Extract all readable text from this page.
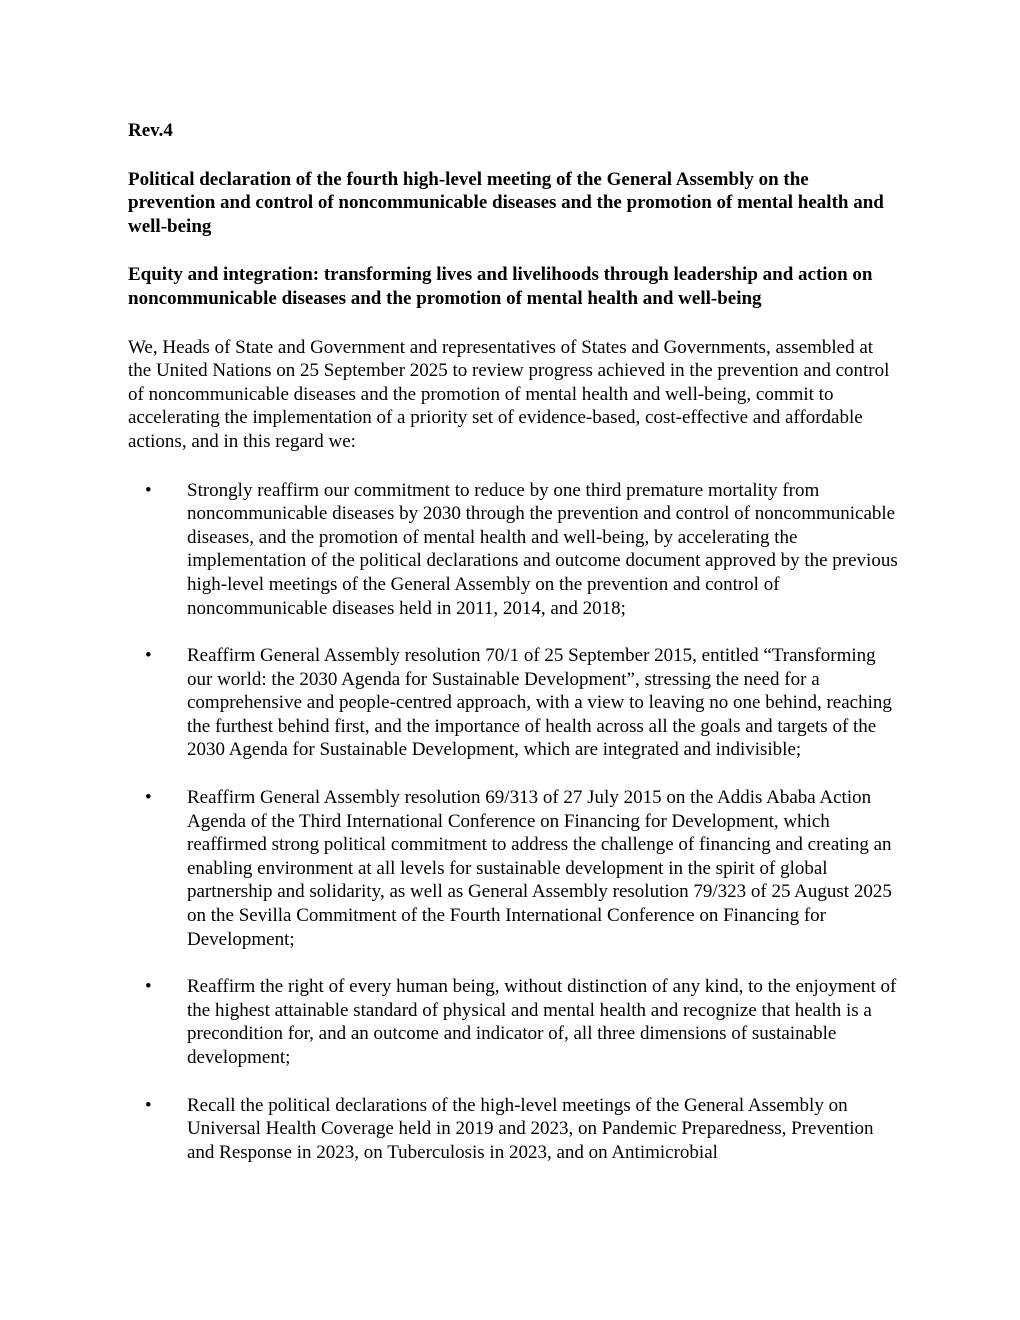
Rev.4

Political declaration of the fourth high-level meeting of the General Assembly on the prevention and control of noncommunicable diseases and the promotion of mental health and well-being

Equity and integration: transforming lives and livelihoods through leadership and action on noncommunicable diseases and the promotion of mental health and well-being

We, Heads of State and Government and representatives of States and Governments, assembled at the United Nations on 25 September 2025 to review progress achieved in the prevention and control of noncommunicable diseases and the promotion of mental health and well-being, commit to accelerating the implementation of a priority set of evidence-based, cost-effective and affordable actions, and in this regard we:

• Strongly reaffirm our commitment to reduce by one third premature mortality from noncommunicable diseases by 2030 through the prevention and control of noncommunicable diseases, and the promotion of mental health and well-being, by accelerating the implementation of the political declarations and outcome document approved by the previous high-level meetings of the General Assembly on the prevention and control of noncommunicable diseases held in 2011, 2014, and 2018;
• Reaffirm General Assembly resolution 70/1 of 25 September 2015, entitled “Transforming our world: the 2030 Agenda for Sustainable Development”, stressing the need for a comprehensive and people-centred approach, with a view to leaving no one behind, reaching the furthest behind first, and the importance of health across all the goals and targets of the 2030 Agenda for Sustainable Development, which are integrated and indivisible;
• Reaffirm General Assembly resolution 69/313 of 27 July 2015 on the Addis Ababa Action Agenda of the Third International Conference on Financing for Development, which reaffirmed strong political commitment to address the challenge of financing and creating an enabling environment at all levels for sustainable development in the spirit of global partnership and solidarity, as well as General Assembly resolution 79/323 of 25 August 2025 on the Sevilla Commitment of the Fourth International Conference on Financing for Development;
• Reaffirm the right of every human being, without distinction of any kind, to the enjoyment of the highest attainable standard of physical and mental health and recognize that health is a precondition for, and an outcome and indicator of, all three dimensions of sustainable development;
• Recall the political declarations of the high-level meetings of the General Assembly on Universal Health Coverage held in 2019 and 2023, on Pandemic Preparedness, Prevention and Response in 2023, on Tuberculosis in 2023, and on Antimicrobial
